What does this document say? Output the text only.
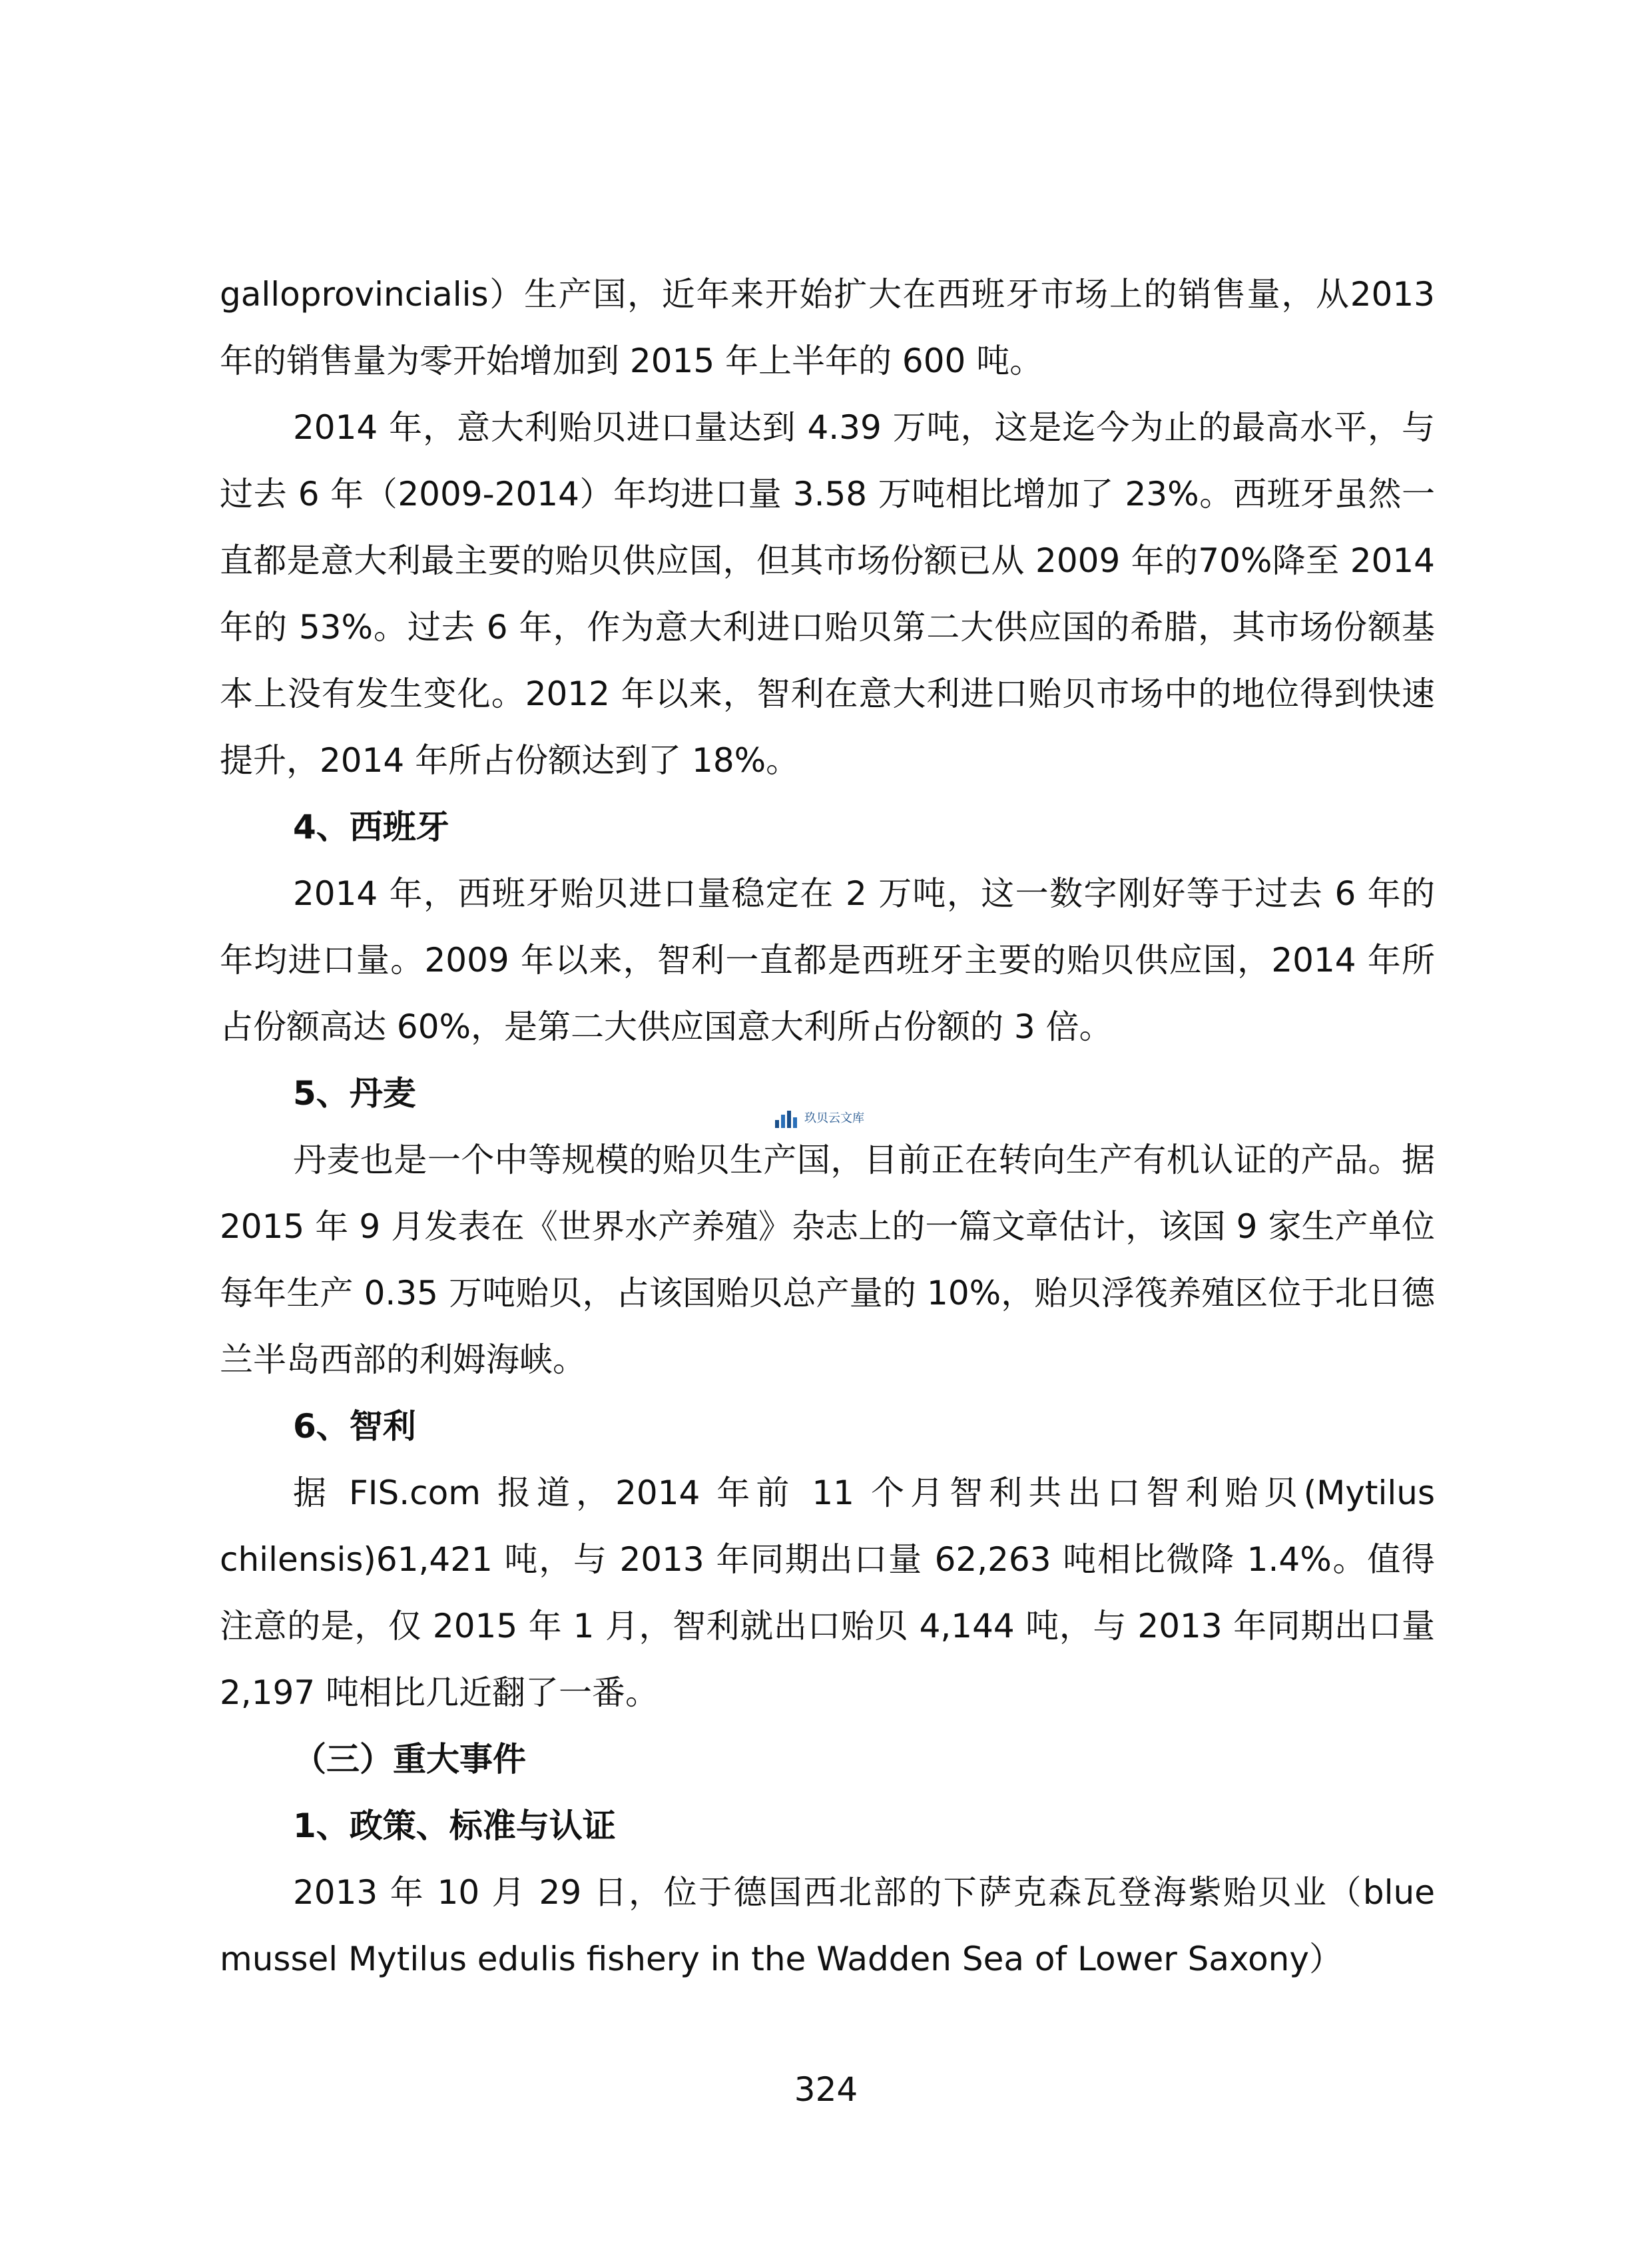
galloprovincialis）生产国，近年来开始扩大在西班牙市场上的销售量，从2013 年的销售量为零开始增加到 2015 年上半年的 600 吨。

2014 年，意大利贻贝进口量达到 4.39 万吨，这是迄今为止的最高水平，与过去 6 年（2009-2014）年均进口量 3.58 万吨相比增加了 23%。西班牙虽然一直都是意大利最主要的贻贝供应国，但其市场份额已从 2009 年的70%降至 2014 年的 53%。过去 6 年，作为意大利进口贻贝第二大供应国的希腊，其市场份额基本上没有发生变化。2012 年以来，智利在意大利进口贻贝市场中的地位得到快速提升，2014 年所占份额达到了 18%。

4、西班牙

2014 年，西班牙贻贝进口量稳定在 2 万吨，这一数字刚好等于过去 6 年的年均进口量。2009 年以来，智利一直都是西班牙主要的贻贝供应国，2014 年所占份额高达 60%，是第二大供应国意大利所占份额的 3 倍。

5、丹麦
玖贝云文库

丹麦也是一个中等规模的贻贝生产国，目前正在转向生产有机认证的产品。据 2015 年 9 月发表在《世界水产养殖》杂志上的一篇文章估计，该国 9 家生产单位每年生产 0.35 万吨贻贝，占该国贻贝总产量的 10%，贻贝浮筏养殖区位于北日德兰半岛西部的利姆海峡。

6、智利

据 FIS.com 报道，2014 年前 11 个月智利共出口智利贻贝(Mytilus chilensis)61,421 吨，与 2013 年同期出口量 62,263 吨相比微降 1.4%。值得注意的是，仅 2015 年 1 月，智利就出口贻贝 4,144 吨，与 2013 年同期出口量 2,197 吨相比几近翻了一番。

（三）重大事件
1、政策、标准与认证

2013 年 10 月 29 日，位于德国西北部的下萨克森瓦登海紫贻贝业（blue mussel Mytilus edulis fishery in the Wadden Sea of Lower Saxony）

324
